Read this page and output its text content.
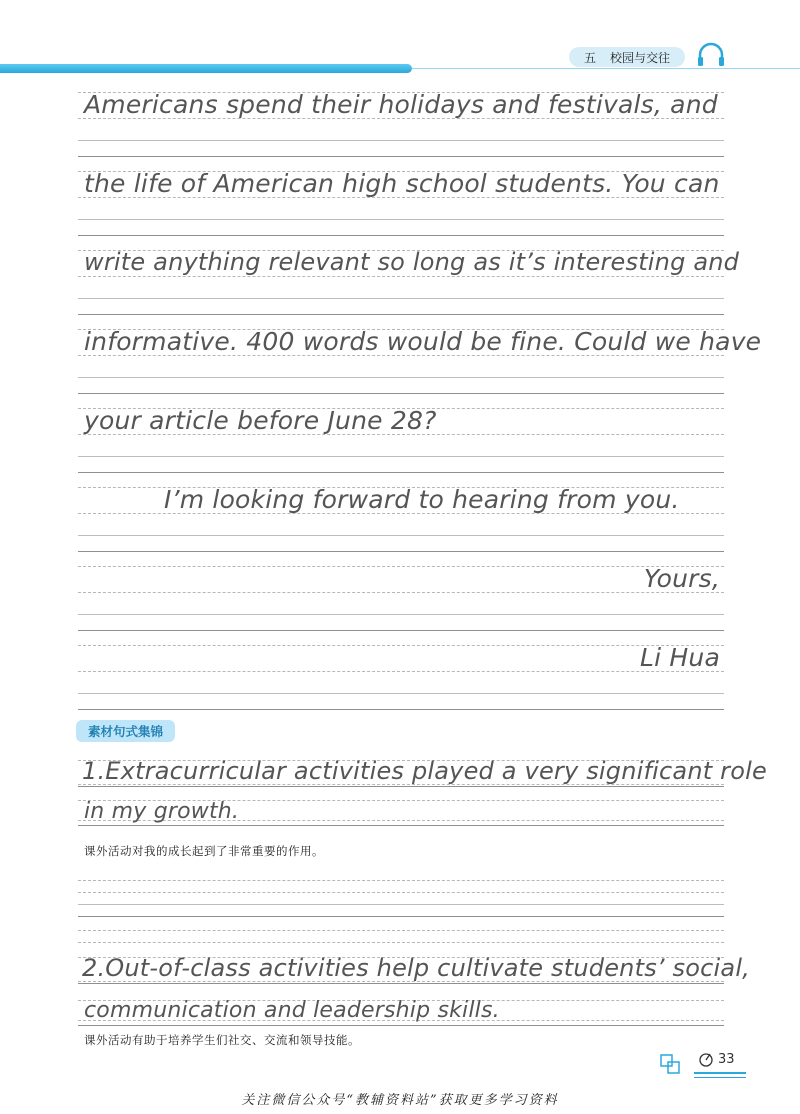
五 校园与交往
Americans spend their holidays and festivals, and
the life of American high school students. You can
write anything relevant so long as it’s interesting and
informative. 400 words would be fine. Could we have
your article before June 28?
I’m looking forward to hearing from you.
Yours,
Li Hua
素材句式集锦
1.Extracurricular activities played a very significant role
in my growth.
课外活动对我的成长起到了非常重要的作用。
2.Out-of-class activities help cultivate students’ social,
communication and leadership skills.
课外活动有助于培养学生们社交、交流和领导技能。
33
关注微信公众号“教辅资料站”获取更多学习资料
